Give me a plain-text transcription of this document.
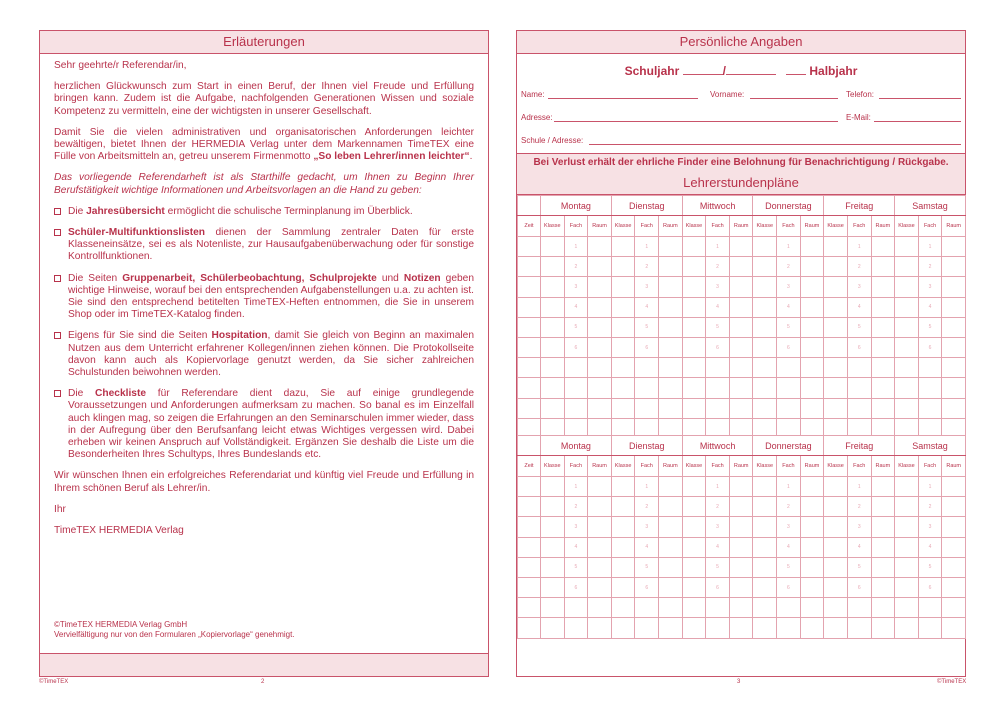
Erläuterungen

Sehr geehrte/r Referendar/in,

herzlichen Glückwunsch zum Start in einen Beruf, der Ihnen viel Freude und Erfüllung bringen kann. Zudem ist die Aufgabe, nachfolgenden Generationen Wissen und soziale Kompetenz zu vermitteln, eine der wichtigsten in unserer Gesellschaft.

Damit Sie die vielen administrativen und organisatorischen Anforderungen leichter bewältigen, bietet Ihnen der HERMEDIA Verlag unter dem Markennamen TimeTEX eine Fülle von Arbeitsmitteln an, getreu unserem Firmenmotto „So leben Lehrer/innen leichter“.

Das vorliegende Referendarheft ist als Starthilfe gedacht, um Ihnen zu Beginn Ihrer Berufstätigkeit wichtige Informationen und Arbeitsvorlagen an die Hand zu geben:

Die Jahresübersicht ermöglicht die schulische Terminplanung im Überblick.
Schüler-Multifunktionslisten dienen der Sammlung zentraler Daten für erste Klasseneinsätze, sei es als Notenliste, zur Hausaufgabenüberwachung oder für sonstige Kontrollfunktionen.
Die Seiten Gruppenarbeit, Schülerbeobachtung, Schulprojekte und Notizen geben wichtige Hinweise, worauf bei den entsprechenden Aufgabenstellungen u.a. zu achten ist. Sie sind den entsprechend betitelten TimeTEX-Heften entnommen, die Sie in unserem Shop oder im TimeTEX-Katalog finden.
Eigens für Sie sind die Seiten Hospitation, damit Sie gleich von Beginn an maximalen Nutzen aus dem Unterricht erfahrener Kollegen/innen ziehen können. Die Protokollseite davon kann auch als Kopiervorlage genutzt werden, da Sie sicher zahlreichen Schulstunden beiwohnen werden.
Die Checkliste für Referendare dient dazu, Sie auf einige grundlegende Voraussetzungen und Anforderungen aufmerksam zu machen. So banal es im Einzelfall auch klingen mag, so zeigen die Erfahrungen an den Seminarschulen immer wieder, dass in der Aufregung über den Berufsanfang leicht etwas Wichtiges vergessen wird. Dabei erheben wir keinen Anspruch auf Vollständigkeit. Ergänzen Sie deshalb die Liste um die Besonderheiten Ihres Schultyps, Ihres Bundeslands etc.

Wir wünschen Ihnen ein erfolgreiches Referendariat und künftig viel Freude und Erfüllung in Ihrem schönen Beruf als Lehrer/in.

Ihr

TimeTEX HERMEDIA Verlag

©TimeTEX HERMEDIA Verlag GmbH
Vervielfältigung nur von den Formularen „Kopiervorlage“ genehmigt.
©TimeTEX	2
Persönliche Angaben
Schuljahr	/	Halbjahr
Name:	Vorname:	Telefon:
Adresse:	E-Mail:
Schule / Adresse:
Bei Verlust erhält der ehrliche Finder eine Belohnung für Benachrichtigung / Rückgabe.
Lehrerstundenpläne
	Montag			Dienstag			Mittwoch			Donnerstag			Freitag			Samstag		
Zeit	Klasse	Fach	Raum	Klasse	Fach	Raum	Klasse	Fach	Raum	Klasse	Fach	Raum	Klasse	Fach	Raum	Klasse	Fach	Raum
		1			1			1			1			1			1	
		2			2			2			2			2			2	
		3			3			3			3			3			3	
		4			4			4			4			4			4	
		5			5			5			5			5			5	
		6			6			6			6			6			6	

	Montag			Dienstag			Mittwoch			Donnerstag			Freitag			Samstag		
Zeit	Klasse	Fach	Raum	Klasse	Fach	Raum	Klasse	Fach	Raum	Klasse	Fach	Raum	Klasse	Fach	Raum	Klasse	Fach	Raum
		1			1			1			1			1			1	
		2			2			2			2			2			2	
		3			3			3			3			3			3	
		4			4			4			4			4			4	
		5			5			5			5			5			5	
		6			6			6			6			6			6	

3	©TimeTEX
